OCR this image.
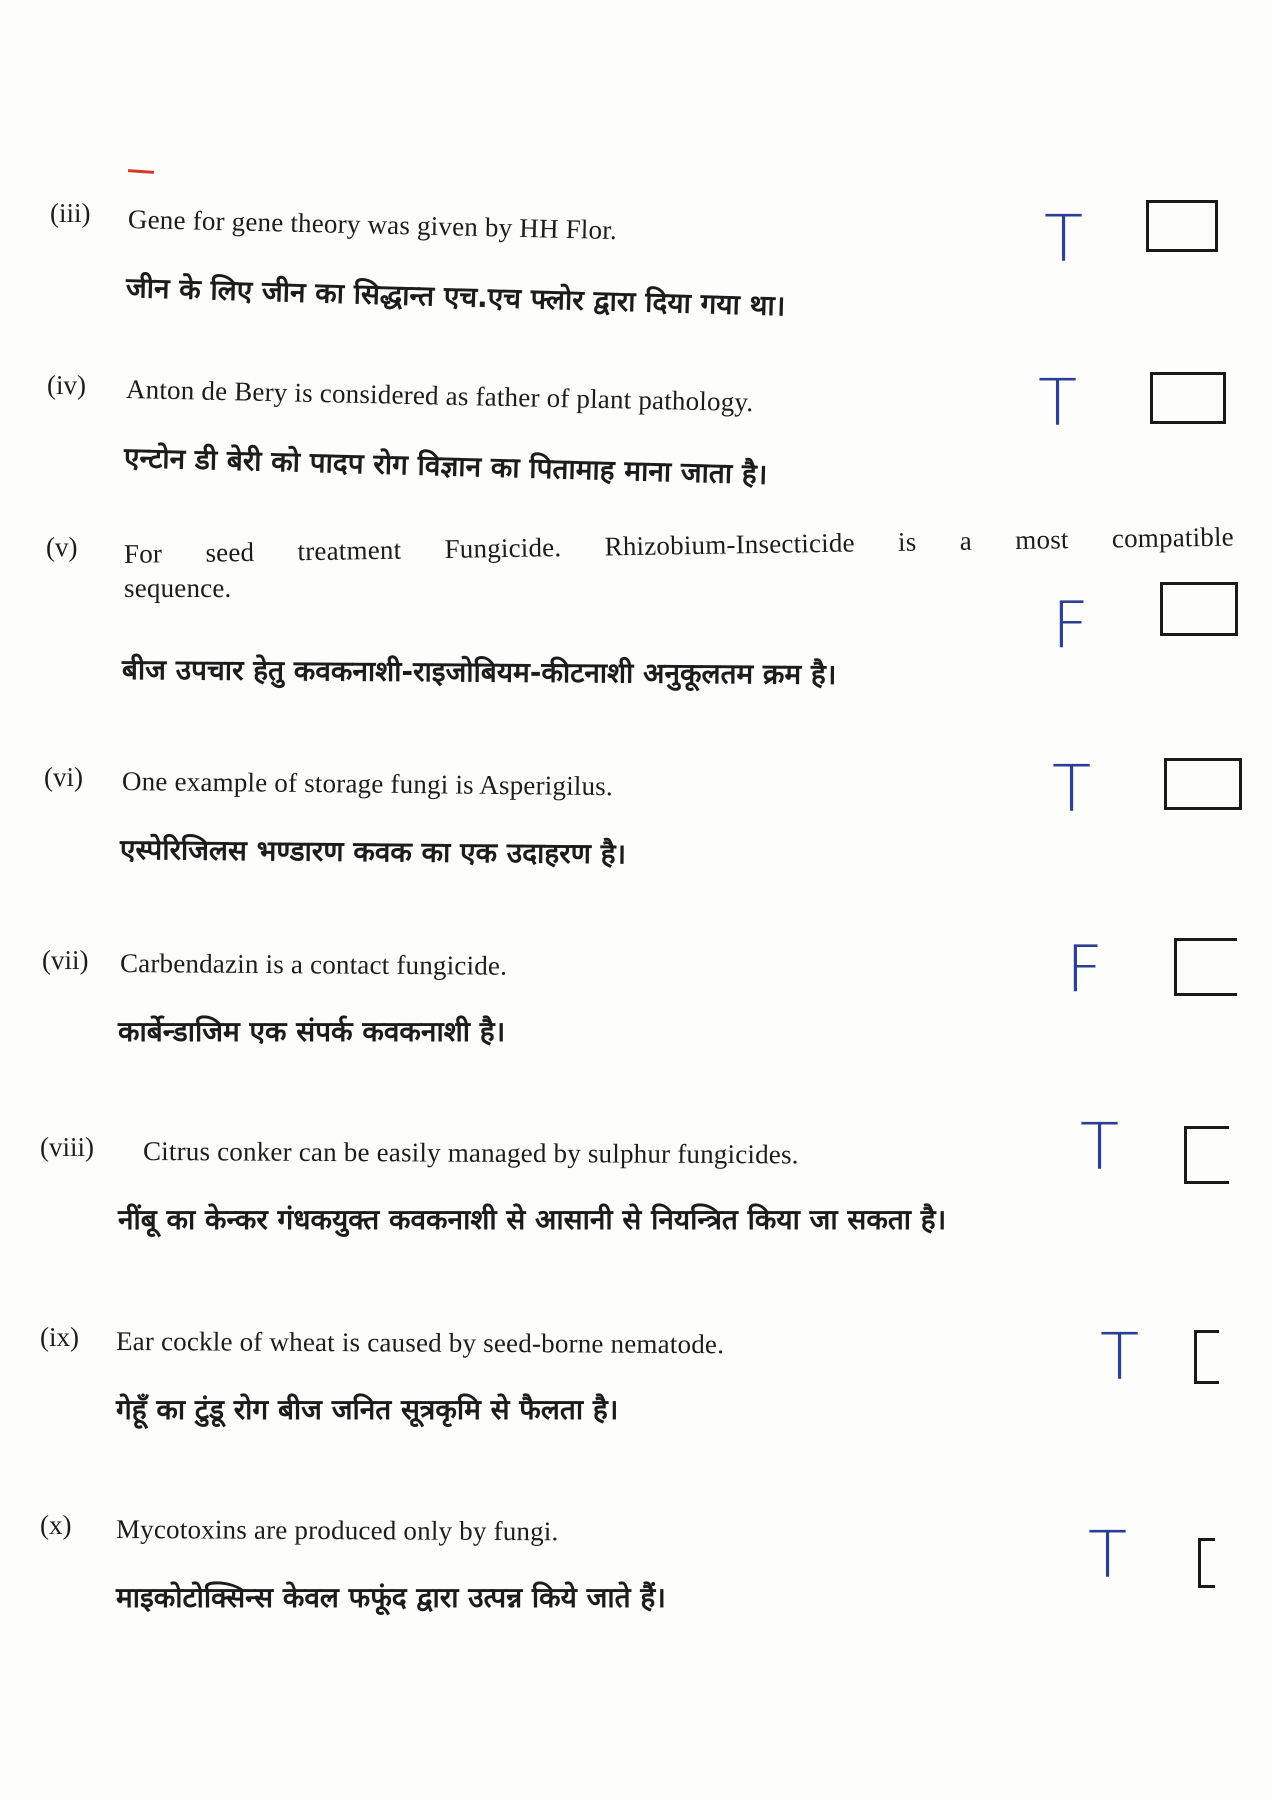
(iii) Gene for gene theory was given by HH Flor.
जीन के लिए जीन का सिद्धान्त एच.एच फ्लोर द्वारा दिया गया था।
T
(iv) Anton de Bery is considered as father of plant pathology.
एन्टोन डी बेरी को पादप रोग विज्ञान का पितामाह माना जाता है।
T
(v) For seed treatment Fungicide. Rhizobium-Insecticide is a most compatible
sequence.
बीज उपचार हेतु कवकनाशी-राइजोबियम-कीटनाशी अनुकूलतम क्रम है।
F
(vi) One example of storage fungi is Asperigilus.
एस्पेरिजिलस भण्डारण कवक का एक उदाहरण है।
T
(vii) Carbendazin is a contact fungicide.
कार्बेन्डाजिम एक संपर्क कवकनाशी है।
F
(viii) Citrus conker can be easily managed by sulphur fungicides.
नींबू का केन्कर गंधकयुक्त कवकनाशी से आसानी से नियन्त्रित किया जा सकता है।
T
(ix) Ear cockle of wheat is caused by seed-borne nematode.
गेहूँ का टुंडू रोग बीज जनित सूत्रकृमि से फैलता है।
T
(x) Mycotoxins are produced only by fungi.
माइकोटोक्सिन्स केवल फफूंद द्वारा उत्पन्न किये जाते हैं।
T
